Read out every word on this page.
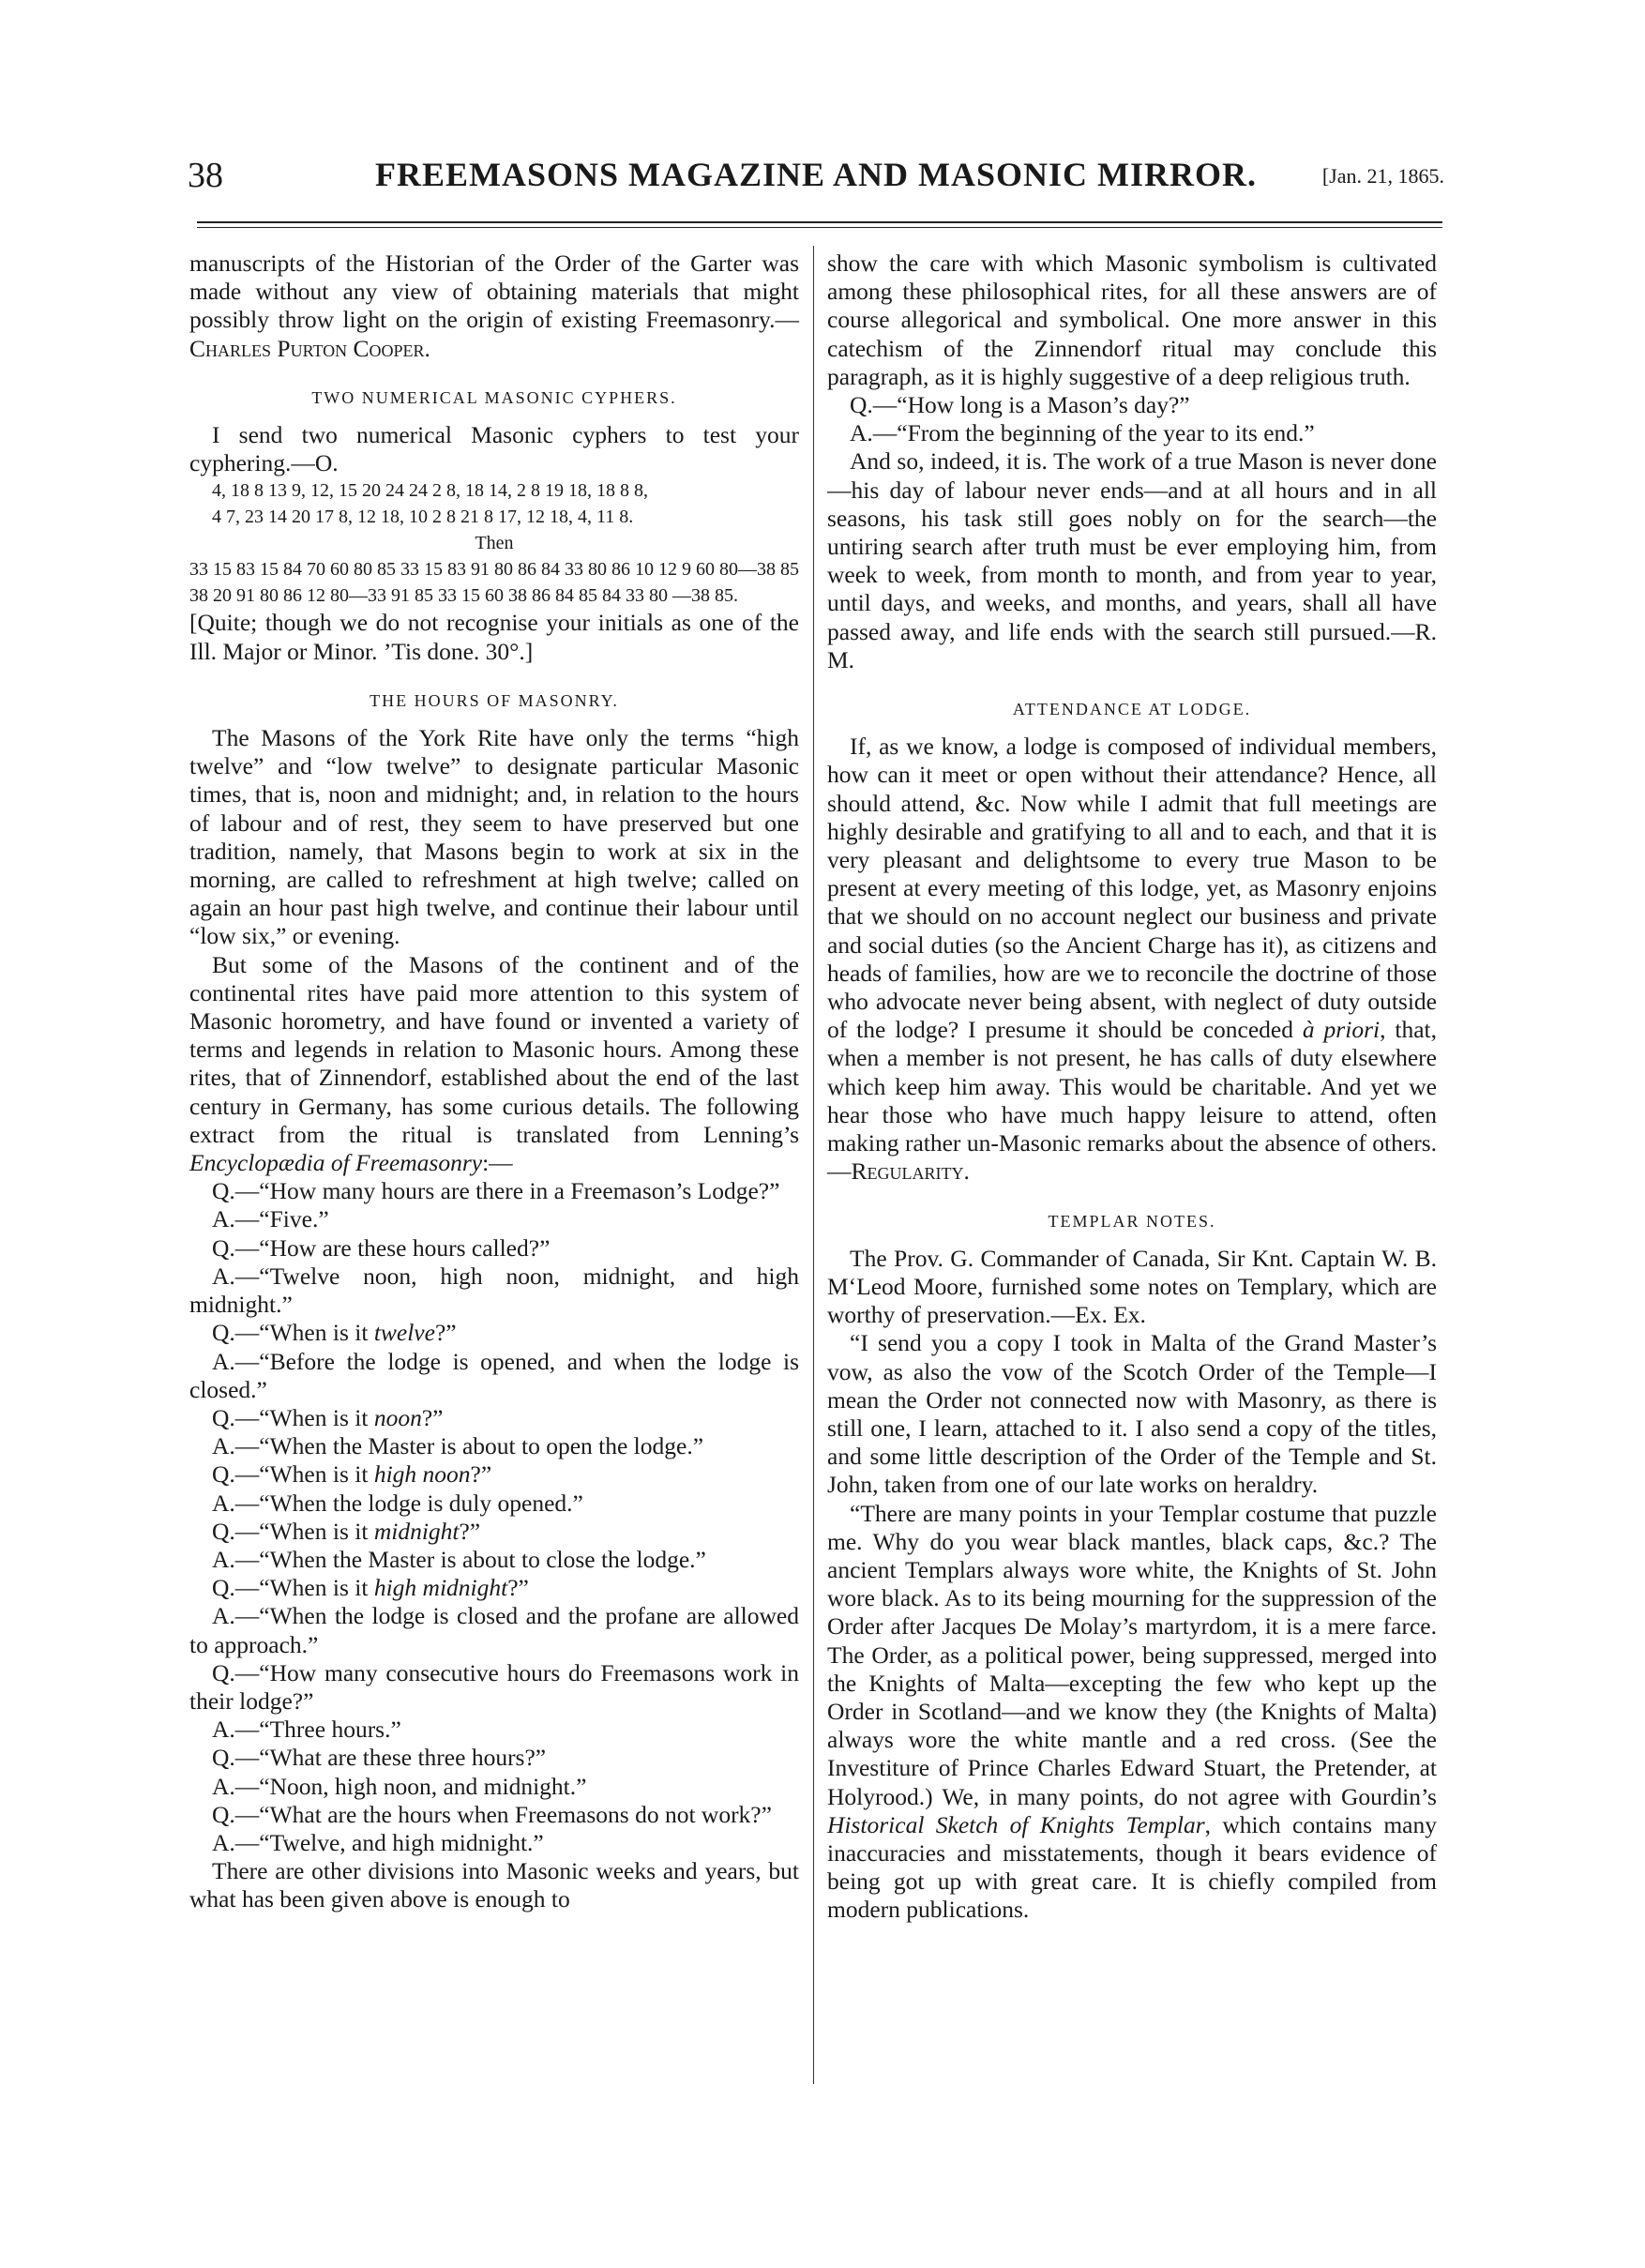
38	FREEMASONS MAGAZINE AND MASONIC MIRROR.	[Jan. 21, 1865.

manuscripts of the Historian of the Order of the Garter was made without any view of obtaining materials that might possibly throw light on the origin of existing Freemasonry.—Charles Purton Cooper.

TWO NUMERICAL MASONIC CYPHERS.

I send two numerical Masonic cyphers to test your cyphering.—O.

4, 18 8 13 9, 12, 15 20 24 24 2 8, 18 14, 2 8 19 18, 18 8 8,

4 7, 23 14 20 17 8, 12 18, 10 2 8 21 8 17, 12 18, 4, 11 8.

Then

33 15 83 15 84 70 60 80 85 33 15 83 91 80 86 84 33 80 86 10 12 9 60 80—38 85

38 20 91 80 86 12 80—33 91 85 33 15 60 38 86 84 85 84 33 80 —38 85.

[Quite; though we do not recognise your initials as one of the Ill. Major or Minor. ’Tis done. 30°.]

THE HOURS OF MASONRY.

The Masons of the York Rite have only the terms “high twelve” and “low twelve” to designate particular Masonic times, that is, noon and midnight; and, in relation to the hours of labour and of rest, they seem to have preserved but one tradition, namely, that Masons begin to work at six in the morning, are called to refreshment at high twelve; called on again an hour past high twelve, and continue their labour until “low six,” or evening.

But some of the Masons of the continent and of the continental rites have paid more attention to this system of Masonic horometry, and have found or invented a variety of terms and legends in relation to Masonic hours. Among these rites, that of Zinnendorf, established about the end of the last century in Germany, has some curious details. The following extract from the ritual is translated from Lenning’s Encyclopædia of Freemasonry:—

Q.—“How many hours are there in a Freemason’s Lodge?”

A.—“Five.”

Q.—“How are these hours called?”

A.—“Twelve noon, high noon, midnight, and high midnight.”

Q.—“When is it twelve?”

A.—“Before the lodge is opened, and when the lodge is closed.”

Q.—“When is it noon?”

A.—“When the Master is about to open the lodge.”

Q.—“When is it high noon?”

A.—“When the lodge is duly opened.”

Q.—“When is it midnight?”

A.—“When the Master is about to close the lodge.”

Q.—“When is it high midnight?”

A.—“When the lodge is closed and the profane are allowed to approach.”

Q.—“How many consecutive hours do Freemasons work in their lodge?”

A.—“Three hours.”

Q.—“What are these three hours?”

A.—“Noon, high noon, and midnight.”

Q.—“What are the hours when Freemasons do not work?”

A.—“Twelve, and high midnight.”

There are other divisions into Masonic weeks and years, but what has been given above is enough to

show the care with which Masonic symbolism is cultivated among these philosophical rites, for all these answers are of course allegorical and symbolical. One more answer in this catechism of the Zinnendorf ritual may conclude this paragraph, as it is highly suggestive of a deep religious truth.

Q.—“How long is a Mason’s day?”

A.—“From the beginning of the year to its end.”

And so, indeed, it is. The work of a true Mason is never done—his day of labour never ends—and at all hours and in all seasons, his task still goes nobly on for the search—the untiring search after truth must be ever employing him, from week to week, from month to month, and from year to year, until days, and weeks, and months, and years, shall all have passed away, and life ends with the search still pursued.—R. M.

ATTENDANCE AT LODGE.

If, as we know, a lodge is composed of individual members, how can it meet or open without their attendance? Hence, all should attend, &c. Now while I admit that full meetings are highly desirable and gratifying to all and to each, and that it is very pleasant and delightsome to every true Mason to be present at every meeting of this lodge, yet, as Masonry enjoins that we should on no account neglect our business and private and social duties (so the Ancient Charge has it), as citizens and heads of families, how are we to reconcile the doctrine of those who advocate never being absent, with neglect of duty outside of the lodge? I presume it should be conceded à priori, that, when a member is not present, he has calls of duty elsewhere which keep him away. This would be charitable. And yet we hear those who have much happy leisure to attend, often making rather un-Masonic remarks about the absence of others.—Regularity.

TEMPLAR NOTES.

The Prov. G. Commander of Canada, Sir Knt. Captain W. B. M‘Leod Moore, furnished some notes on Templary, which are worthy of preservation.—Ex. Ex.

“I send you a copy I took in Malta of the Grand Master’s vow, as also the vow of the Scotch Order of the Temple—I mean the Order not connected now with Masonry, as there is still one, I learn, attached to it. I also send a copy of the titles, and some little description of the Order of the Temple and St. John, taken from one of our late works on heraldry.

“There are many points in your Templar costume that puzzle me. Why do you wear black mantles, black caps, &c.? The ancient Templars always wore white, the Knights of St. John wore black. As to its being mourning for the suppression of the Order after Jacques De Molay’s martyrdom, it is a mere farce. The Order, as a political power, being suppressed, merged into the Knights of Malta—excepting the few who kept up the Order in Scotland—and we know they (the Knights of Malta) always wore the white mantle and a red cross. (See the Investiture of Prince Charles Edward Stuart, the Pretender, at Holyrood.) We, in many points, do not agree with Gourdin’s Historical Sketch of Knights Templar, which contains many inaccuracies and misstatements, though it bears evidence of being got up with great care. It is chiefly compiled from modern publications.
